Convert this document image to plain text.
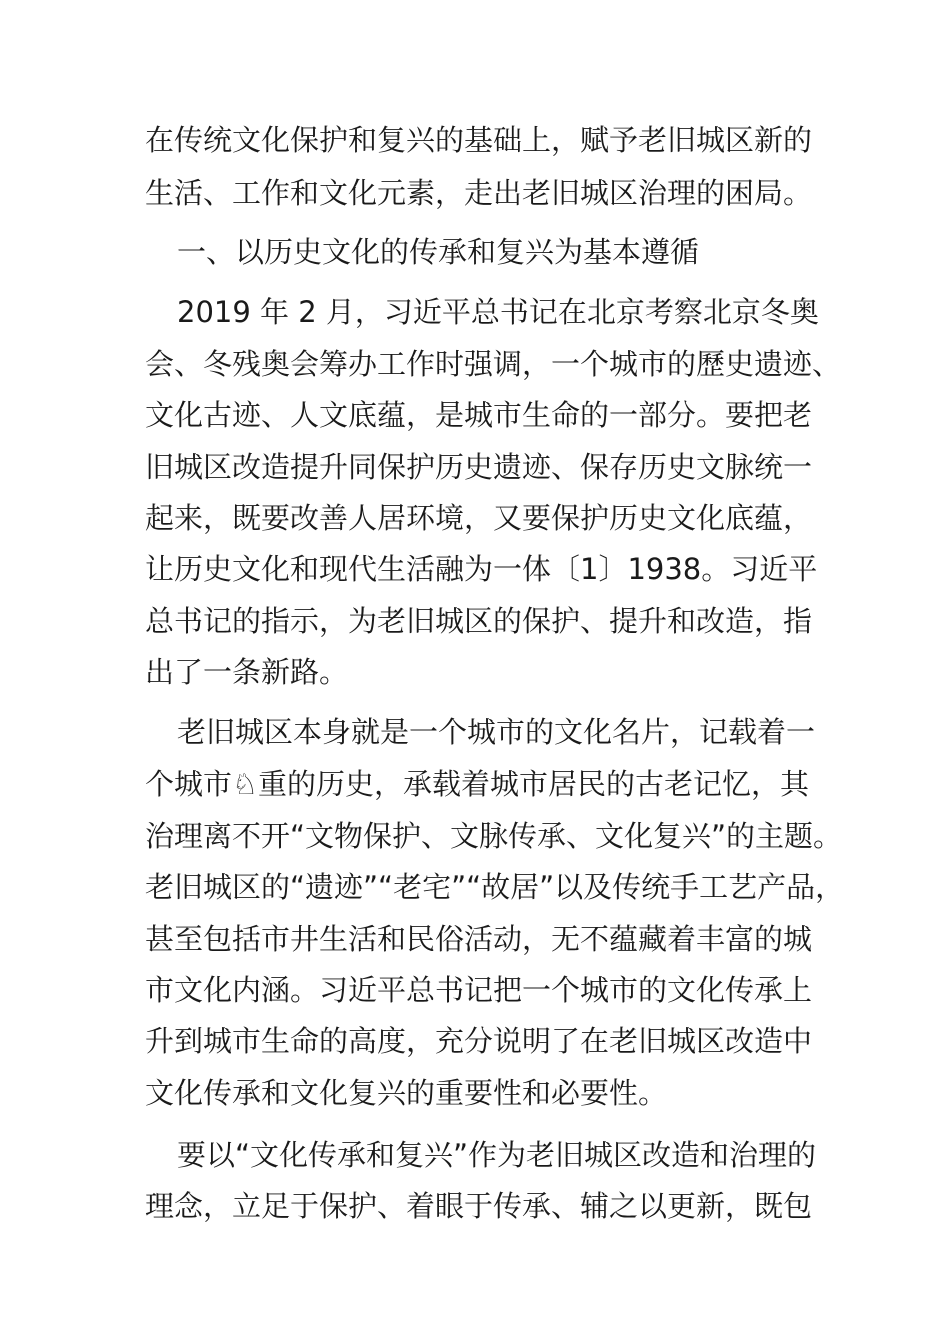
在传统文化保护和复兴的基础上，赋予老旧城区新的
生活、工作和文化元素，走出老旧城区治理的困局。
一、以历史文化的传承和复兴为基本遵循
2019 年 2 月，习近平总书记在北京考察北京冬奥
会、冬残奥会筹办工作时强调，一个城市的歷史遗迹、
文化古迹、人文底蕴，是城市生命的一部分。要把老
旧城区改造提升同保护历史遗迹、保存历史文脉统一
起来，既要改善人居环境，又要保护历史文化底蕴，
让历史文化和现代生活融为一体〔1〕1938。习近平
总书记的指示，为老旧城区的保护、提升和改造，指
出了一条新路。
老旧城区本身就是一个城市的文化名片，记载着一
个城市♘重的历史，承载着城市居民的古老记忆，其
治理离不开“文物保护、文脉传承、文化复兴”的主题。
老旧城区的“遗迹”“老宅”“故居”以及传统手工艺产品，
甚至包括市井生活和民俗活动，无不蕴藏着丰富的城
市文化内涵。习近平总书记把一个城市的文化传承上
升到城市生命的高度，充分说明了在老旧城区改造中
文化传承和文化复兴的重要性和必要性。
要以“文化传承和复兴”作为老旧城区改造和治理的
理念，立足于保护、着眼于传承、辅之以更新，既包
